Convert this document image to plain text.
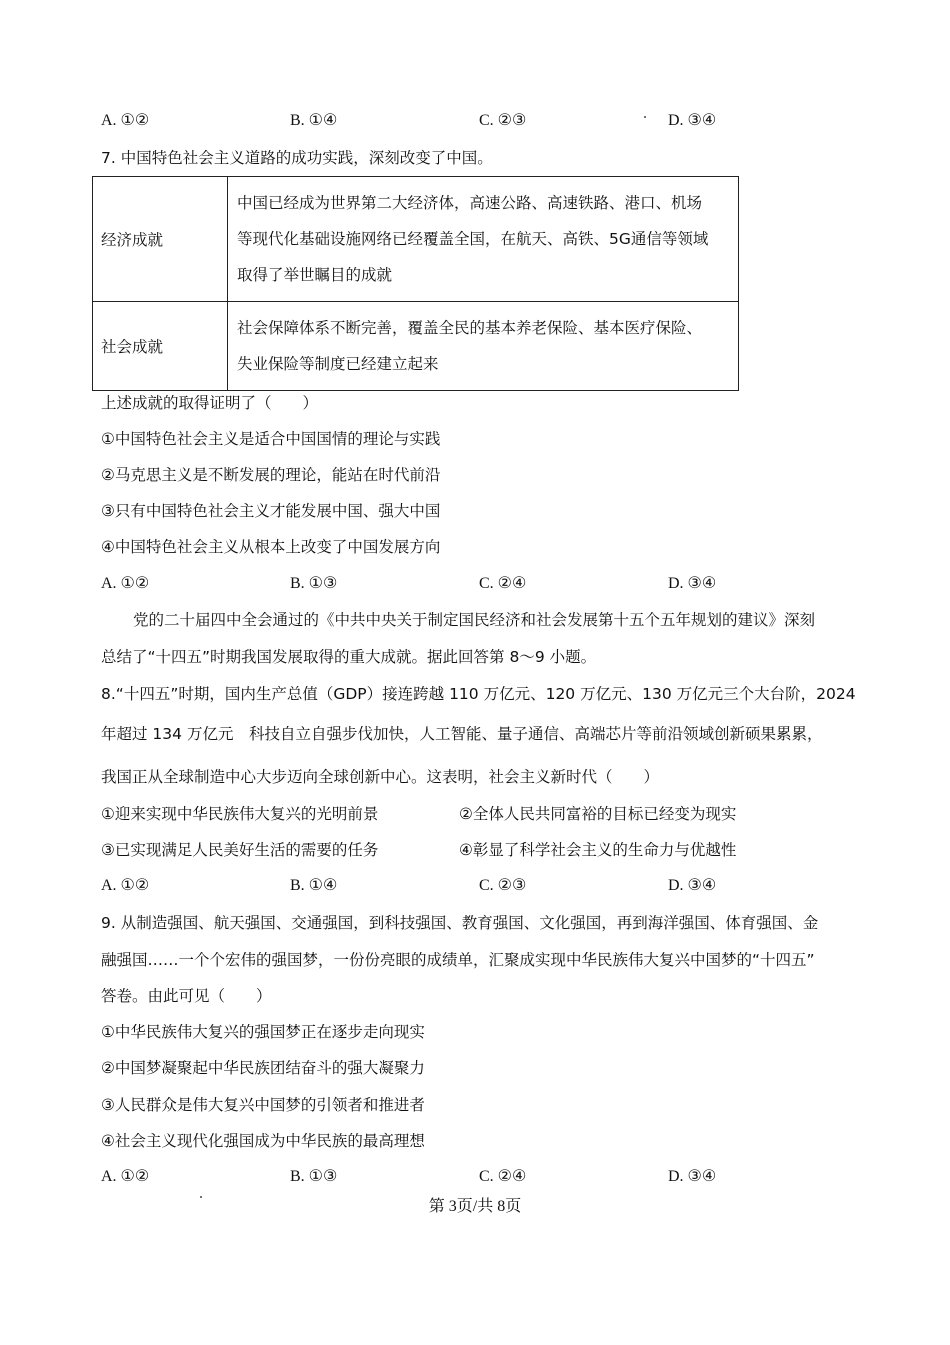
A. ①②	B. ①④	C. ②③	D. ③④
7. 中国特色社会主义道路的成功实践，深刻改变了中国。
经济成就	中国已经成为世界第二大经济体，高速公路、高速铁路、港口、机场
等现代化基础设施网络已经覆盖全国，在航天、高铁、5G通信等领域
取得了举世瞩目的成就

社会成就	社会保障体系不断完善，覆盖全民的基本养老保险、基本医疗保险、
失业保险等制度已经建立起来
上述成就的取得证明了（　　）
①中国特色社会主义是适合中国国情的理论与实践
②马克思主义是不断发展的理论，能站在时代前沿
③只有中国特色社会主义才能发展中国、强大中国
④中国特色社会主义从根本上改变了中国发展方向
A. ①②	B. ①③	C. ②④	D. ③④
党的二十届四中全会通过的《中共中央关于制定国民经济和社会发展第十五个五年规划的建议》深刻
总结了“十四五”时期我国发展取得的重大成就。据此回答第 8～9 小题。
8.“十四五”时期，国内生产总值（GDP）接连跨越 110 万亿元、120 万亿元、130 万亿元三个大台阶，2024
年超过 134 万亿元　科技自立自强步伐加快，人工智能、量子通信、高端芯片等前沿领域创新硕果累累，
我国正从全球制造中心大步迈向全球创新中心。这表明，社会主义新时代（　　）
①迎来实现中华民族伟大复兴的光明前景	②全体人民共同富裕的目标已经变为现实
③已实现满足人民美好生活的需要的任务	④彰显了科学社会主义的生命力与优越性
A. ①②	B. ①④	C. ②③	D. ③④
9. 从制造强国、航天强国、交通强国，到科技强国、教育强国、文化强国，再到海洋强国、体育强国、金
融强国……一个个宏伟的强国梦，一份份亮眼的成绩单，汇聚成实现中华民族伟大复兴中国梦的“十四五”
答卷。由此可见（　　）
①中华民族伟大复兴的强国梦正在逐步走向现实
②中国梦凝聚起中华民族团结奋斗的强大凝聚力
③人民群众是伟大复兴中国梦的引领者和推进者
④社会主义现代化强国成为中华民族的最高理想
A. ①②	B. ①③	C. ②④	D. ③④
第 3页/共 8页
